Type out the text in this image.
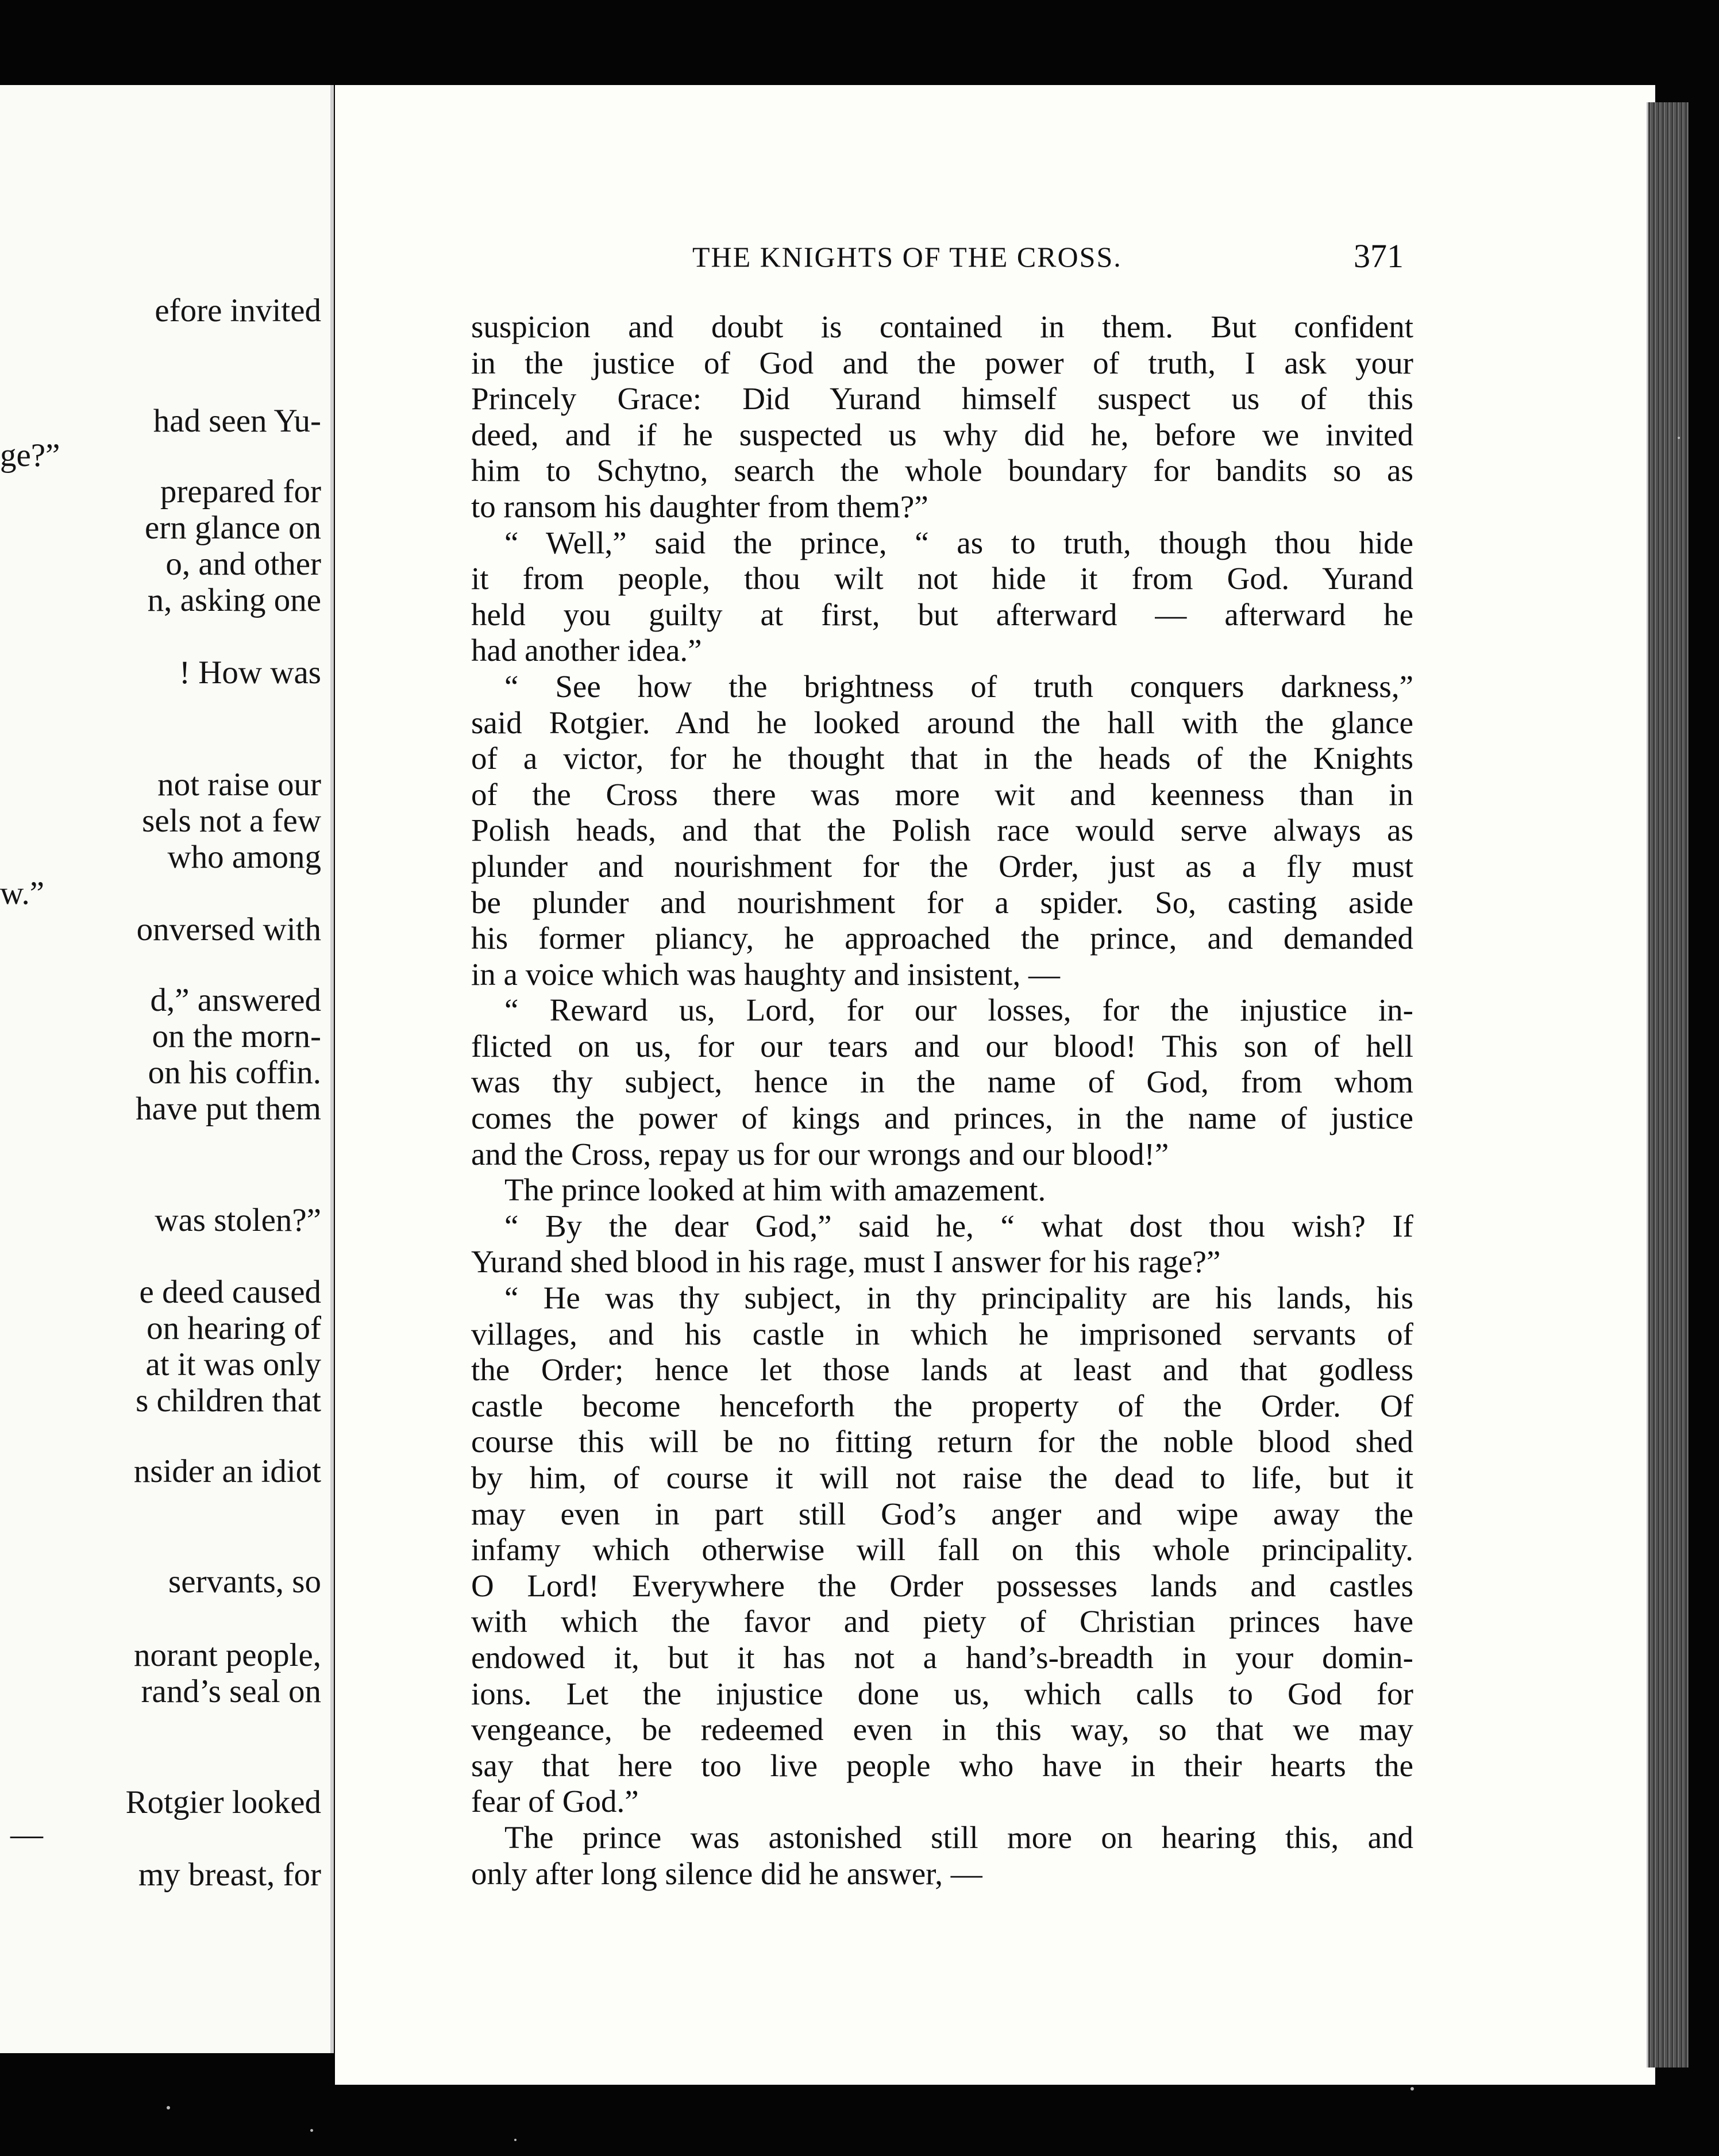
efore invited
had seen Yu-
ge?”
prepared for
ern glance on
o, and other
n, asking one
! How was
not raise our
sels not a few
who among
w.”
onversed with
d,” answered
on the morn-
on his coffin.
have put them
was stolen?”
e deed caused
on hearing of
at it was only
s children that
nsider an idiot
servants, so
norant people,
rand’s seal on
Rotgier looked
—
my breast, for
THE KNIGHTS OF THE CROSS.	371
suspicion and doubt is contained in them. But confident
in the justice of God and the power of truth, I ask your
Princely Grace: Did Yurand himself suspect us of this
deed, and if he suspected us why did he, before we invited
him to Schytno, search the whole boundary for bandits so as
to ransom his daughter from them?”
“ Well,” said the prince, “ as to truth, though thou hide
it from people, thou wilt not hide it from God. Yurand
held you guilty at first, but afterward — afterward he
had another idea.”
“ See how the brightness of truth conquers darkness,”
said Rotgier. And he looked around the hall with the glance
of a victor, for he thought that in the heads of the Knights
of the Cross there was more wit and keenness than in
Polish heads, and that the Polish race would serve always as
plunder and nourishment for the Order, just as a fly must
be plunder and nourishment for a spider. So, casting aside
his former pliancy, he approached the prince, and demanded
in a voice which was haughty and insistent, —
“ Reward us, Lord, for our losses, for the injustice in-
flicted on us, for our tears and our blood! This son of hell
was thy subject, hence in the name of God, from whom
comes the power of kings and princes, in the name of justice
and the Cross, repay us for our wrongs and our blood!”
The prince looked at him with amazement.
“ By the dear God,” said he, “ what dost thou wish? If
Yurand shed blood in his rage, must I answer for his rage?”
“ He was thy subject, in thy principality are his lands, his
villages, and his castle in which he imprisoned servants of
the Order; hence let those lands at least and that godless
castle become henceforth the property of the Order. Of
course this will be no fitting return for the noble blood shed
by him, of course it will not raise the dead to life, but it
may even in part still God’s anger and wipe away the
infamy which otherwise will fall on this whole principality.
O Lord! Everywhere the Order possesses lands and castles
with which the favor and piety of Christian princes have
endowed it, but it has not a hand’s-breadth in your domin-
ions. Let the injustice done us, which calls to God for
vengeance, be redeemed even in this way, so that we may
say that here too live people who have in their hearts the
fear of God.”
The prince was astonished still more on hearing this, and
only after long silence did he answer, —
